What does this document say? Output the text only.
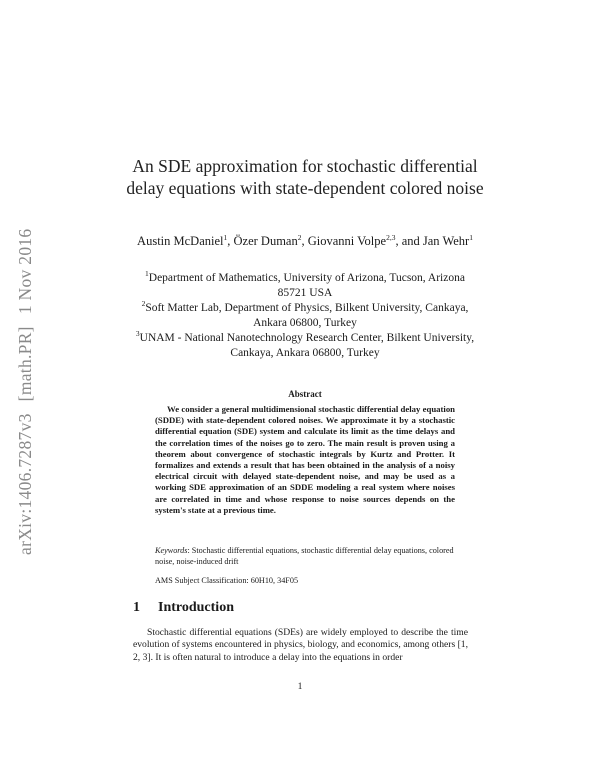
arXiv:1406.7287v3[math.PR]1 Nov 2016
An SDE approximation for stochastic differential delay equations with state-dependent colored noise
Austin McDaniel$^1$, Özer Duman$^2$, Giovanni Volpe$^{2,3}$, and Jan Wehr$^1$
$^1$Department of Mathematics, University of Arizona, Tucson, Arizona 85721 USA
$^2$Soft Matter Lab, Department of Physics, Bilkent University, Cankaya, Ankara 06800, Turkey
$^3$UNAM - National Nanotechnology Research Center, Bilkent University, Cankaya, Ankara 06800, Turkey
Abstract
We consider a general multidimensional stochastic differential delay equation (SDDE) with state-dependent colored noises. We approximate it by a stochastic differential equation (SDE) system and calculate its limit as the time delays and the correlation times of the noises go to zero. The main result is proven using a theorem about convergence of stochastic integrals by Kurtz and Protter. It formalizes and extends a result that has been obtained in the analysis of a noisy electrical circuit with delayed state-dependent noise, and may be used as a working SDE approximation of an SDDE modeling a real system where noises are correlated in time and whose response to noise sources depends on the system's state at a previous time.
Keywords: Stochastic differential equations, stochastic differential delay equations, colored noise, noise-induced drift
AMS Subject Classification: 60H10, 34F05
1 Introduction
Stochastic differential equations (SDEs) are widely employed to describe the time evolution of systems encountered in physics, biology, and economics, among others [1, 2, 3]. It is often natural to introduce a delay into the equations in order
1
